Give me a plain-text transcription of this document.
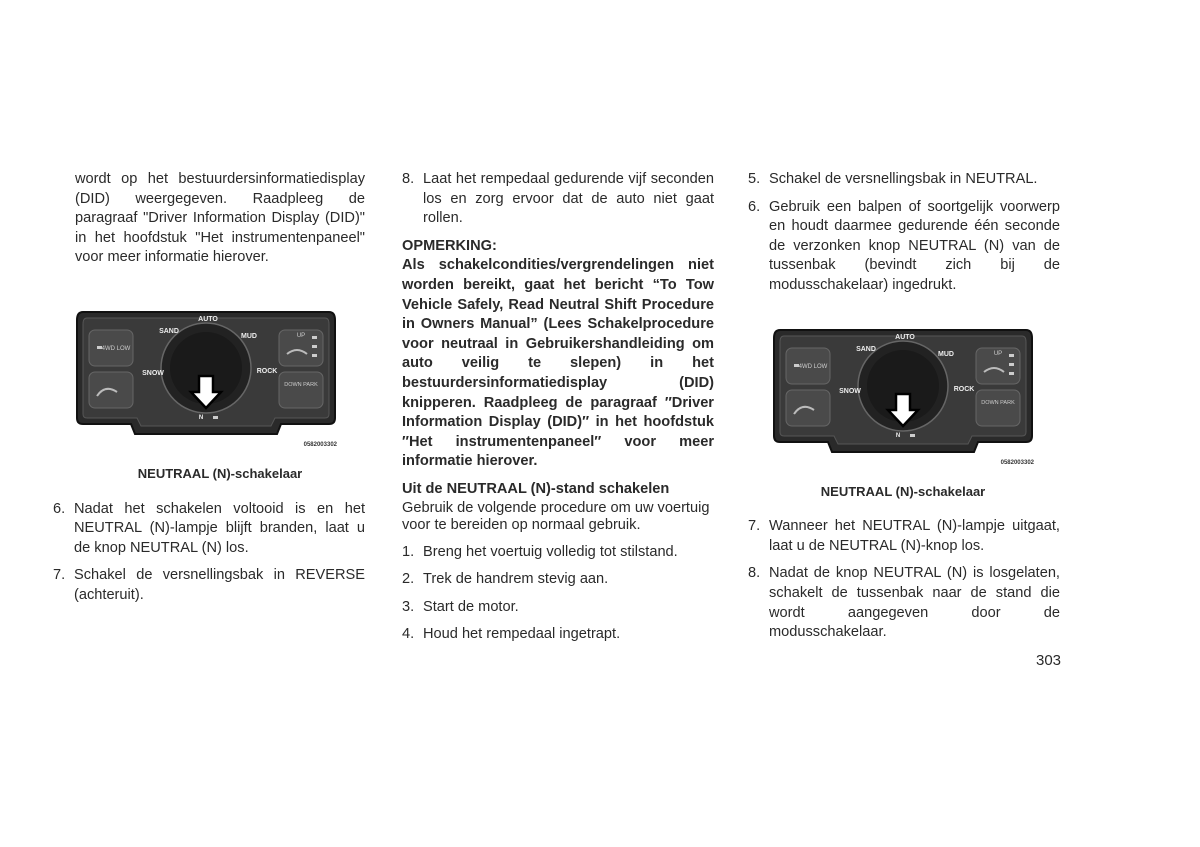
wordt op het bestuurdersinformatiedisplay (DID) weergegeven. Raadpleeg de paragraaf "Driver Information Display (DID)" in het hoofdstuk "Het instrumentenpaneel" voor meer informatie hierover.

AUTO
SAND
MUD
SNOW	ROCK
4WD LOW
UP
DOWN PARK
N
0582003302
NEUTRAAL (N)-schakelaar
6. Nadat het schakelen voltooid is en het NEUTRAL (N)-lampje blijft branden, laat u de knop NEUTRAL (N) los.
7. Schakel de versnellingsbak in REVERSE (achteruit).
8. Laat het rempedaal gedurende vijf seconden los en zorg ervoor dat de auto niet gaat rollen.

OPMERKING:

Als schakelcondities/vergrendelingen niet worden bereikt, gaat het bericht “To Tow Vehicle Safely, Read Neutral Shift Procedure in Owners Manual” (Lees Schakelprocedure voor neutraal in Gebruikershandleiding om auto veilig te slepen) in het bestuurdersinformatiedisplay (DID) knipperen. Raadpleeg de paragraaf ″Driver Information Display (DID)″ in het hoofdstuk ″Het instrumentenpaneel″ voor meer informatie hierover.

Uit de NEUTRAAL (N)-stand schakelen

Gebruik de volgende procedure om uw voertuig voor te bereiden op normaal gebruik.

1. Breng het voertuig volledig tot stilstand.
2. Trek de handrem stevig aan.
3. Start de motor.
4. Houd het rempedaal ingetrapt.
5. Schakel de versnellingsbak in NEUTRAL.
6. Gebruik een balpen of soortgelijk voorwerp en houdt daarmee gedurende één seconde de verzonken knop NEUTRAL (N) van de tussenbak (bevindt zich bij de modusschakelaar) ingedrukt.
AUTO
SAND
MUD
SNOW	ROCK
4WD LOW
UP
DOWN PARK
N
0582003302
NEUTRAAL (N)-schakelaar
7. Wanneer het NEUTRAL (N)-lampje uitgaat, laat u de NEUTRAL (N)-knop los.
8. Nadat de knop NEUTRAL (N) is losgelaten, schakelt de tussenbak naar de stand die wordt aangegeven door de modusschakelaar.
303
